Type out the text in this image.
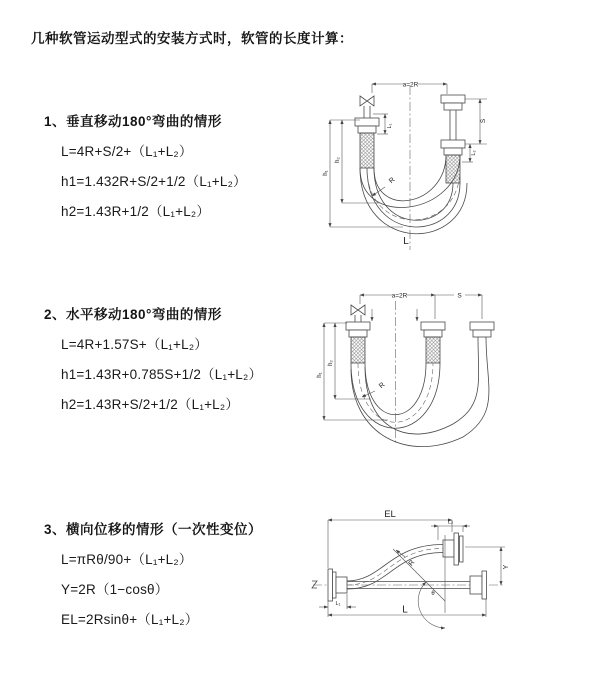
几种软管运动型式的安装方式时，软管的长度计算：
1、垂直移动180°弯曲的情形
L=4R+S/2+（L₁+L₂）
h1=1.432R+S/2+1/2（L₁+L₂）
h2=1.43R+1/2（L₁+L₂）
2、水平移动180°弯曲的情形
L=4R+1.57S+（L₁+L₂）
h1=1.43R+0.785S+1/2（L₁+L₂）
h2=1.43R+S/2+1/2（L₁+L₂）
3、横向位移的情形（一次性变位）
L=πRθ/90+（L₁+L₂）
Y=2R（1−cosθ）
EL=2Rsinθ+（L₁+L₂）
a=2R
R
L
h₁
h₂
L₁
S
L₂
a=2R	S
R
h₁
h₂
EL
L₂
Y
θ
R
L₁
L
